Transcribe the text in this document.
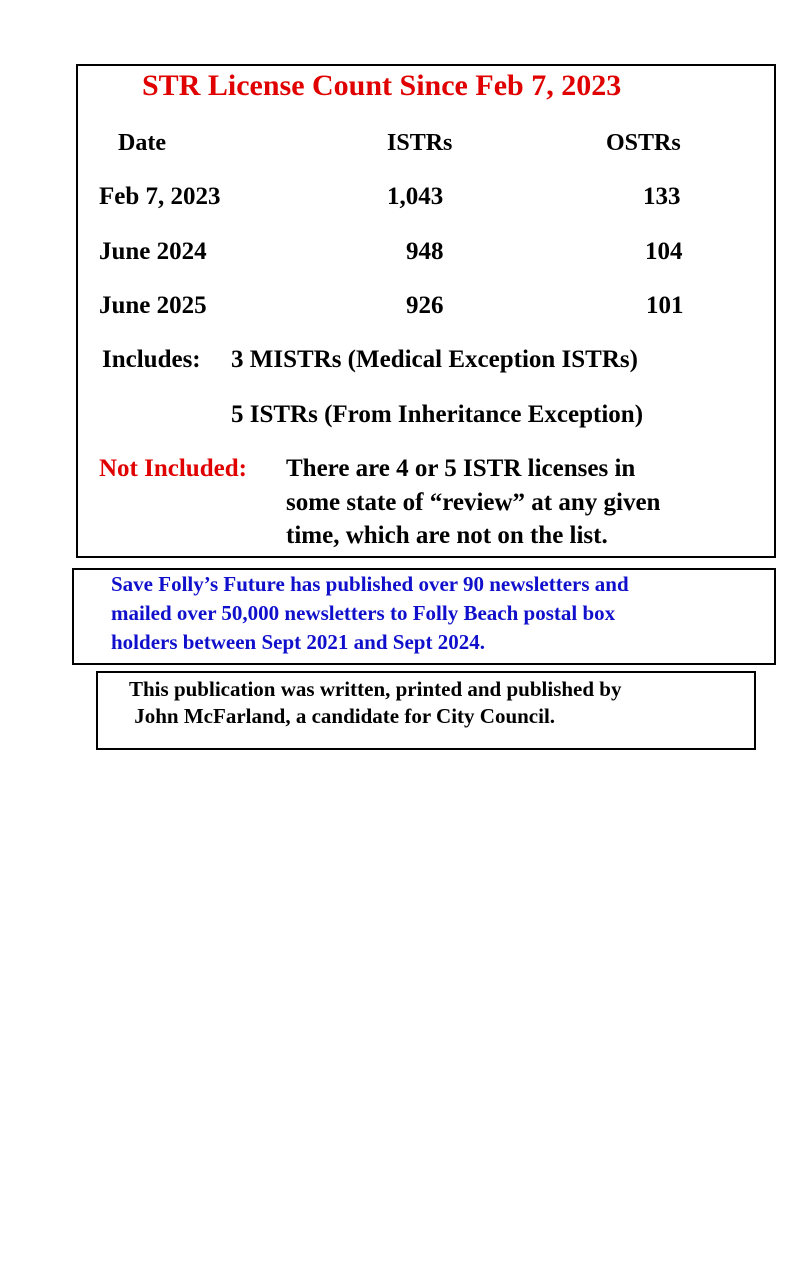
STR License Count Since Feb 7, 2023
Date	ISTRs	OSTRs
Feb 7, 2023	1,043	133
June 2024	948	104
June 2025	926	101
Includes: 3 MISTRs (Medical Exception ISTRs)
5 ISTRs (From Inheritance Exception)
Not Included: There are 4 or 5 ISTR licenses in
some state of “review” at any given
time, which are not on the list.
Save Folly’s Future has published over 90 newsletters and
mailed over 50,000 newsletters to Folly Beach postal box
holders between Sept 2021 and Sept 2024.
This publication was written, printed and published by
John McFarland, a candidate for City Council.
